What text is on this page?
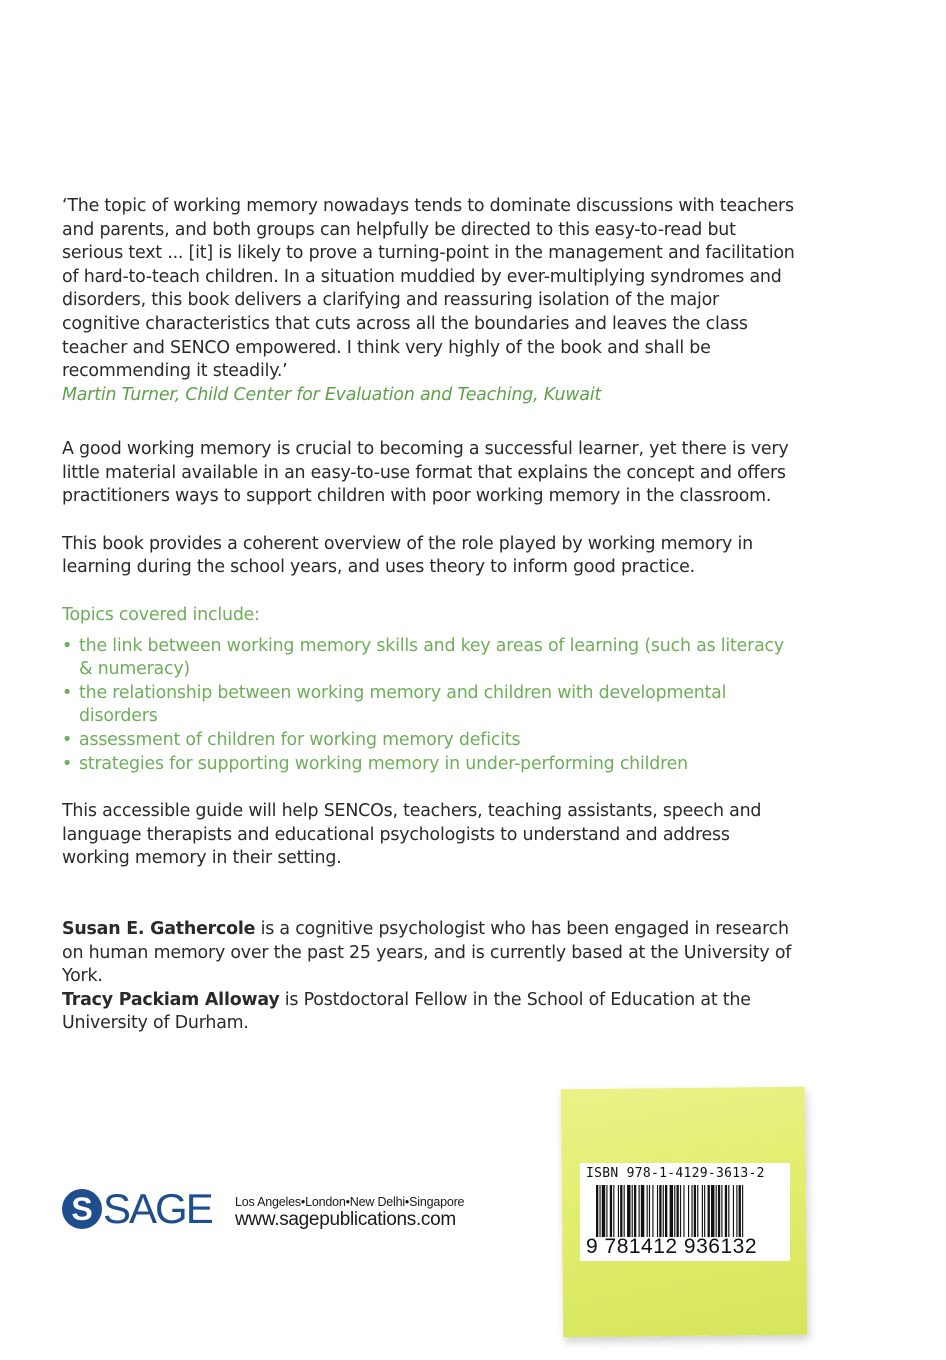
‘The topic of working memory nowadays tends to dominate discussions with teachers and parents, and both groups can helpfully be directed to this easy-to-read but serious text ... [it] is likely to prove a turning-point in the management and facilitation of hard-to-teach children. In a situation muddied by ever-multiplying syndromes and disorders, this book delivers a clarifying and reassuring isolation of the major cognitive characteristics that cuts across all the boundaries and leaves the class teacher and SENCO empowered. I think very highly of the book and shall be recommending it steadily.’

Martin Turner, Child Center for Evaluation and Teaching, Kuwait

A good working memory is crucial to becoming a successful learner, yet there is very little material available in an easy-to-use format that explains the concept and offers practitioners ways to support children with poor working memory in the classroom.

This book provides a coherent overview of the role played by working memory in learning during the school years, and uses theory to inform good practice.

Topics covered include:

• the link between working memory skills and key areas of learning (such as literacy & numeracy)
• the relationship between working memory and children with developmental disorders
• assessment of children for working memory deficits
• strategies for supporting working memory in under-performing children

This accessible guide will help SENCOs, teachers, teaching assistants, speech and language therapists and educational psychologists to understand and address working memory in their setting.

Susan E. Gathercole is a cognitive psychologist who has been engaged in research on human memory over the past 25 years, and is currently based at the University of York.

Tracy Packiam Alloway is Postdoctoral Fellow in the School of Education at the University of Durham.

S SAGE Los Angeles•London•New Delhi•Singapore
www.sagepublications.com
ISBN 978-1-4129-3613-2
9 781412 936132
